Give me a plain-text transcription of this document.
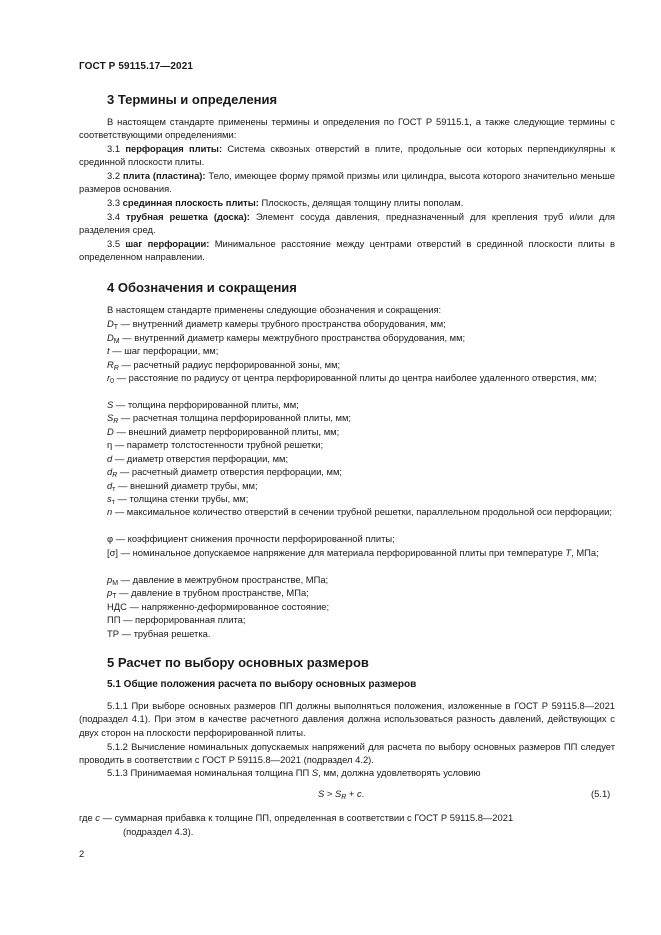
ГОСТ Р 59115.17—2021
3 Термины и определения
В настоящем стандарте применены термины и определения по ГОСТ Р 59115.1, а также следующие термины с соответствующими определениями:
3.1 перфорация плиты: Система сквозных отверстий в плите, продольные оси которых перпендикулярны к срединной плоскости плиты.
3.2 плита (пластина): Тело, имеющее форму прямой призмы или цилиндра, высота которого значительно меньше размеров основания.
3.3 срединная плоскость плиты: Плоскость, делящая толщину плиты пополам.
3.4 трубная решетка (доска): Элемент сосуда давления, предназначенный для крепления труб и/или для разделения сред.
3.5 шаг перфорации: Минимальное расстояние между центрами отверстий в срединной плоскости плиты в определенном направлении.
4 Обозначения и сокращения
В настоящем стандарте применены следующие обозначения и сокращения:
$D_Т$ — внутренний диаметр камеры трубного пространства оборудования, мм;
$D_М$ — внутренний диаметр камеры межтрубного пространства оборудования, мм;
t — шаг перфорации, мм;
$R_R$ — расчетный радиус перфорированной зоны, мм;
$r_0$ — расстояние по радиусу от центра перфорированной плиты до центра наиболее удаленного отверстия, мм;
S — толщина перфорированной плиты, мм;
$S_R$ — расчетная толщина перфорированной плиты, мм;
D — внешний диаметр перфорированной плиты, мм;
η — параметр толстостенности трубной решетки;
d — диаметр отверстия перфорации, мм;
$d_R$ — расчетный диаметр отверстия перфорации, мм;
$d_т$ — внешний диаметр трубы, мм;
$s_т$ — толщина стенки трубы, мм;
n — максимальное количество отверстий в сечении трубной решетки, параллельном продольной оси перфорации;
φ — коэффициент снижения прочности перфорированной плиты;
[σ] — номинальное допускаемое напряжение для материала перфорированной плиты при температуре T, МПа;
$p_М$ — давление в межтрубном пространстве, МПа;
$p_Т$ — давление в трубном пространстве, МПа;
НДС — напряженно-деформированное состояние;
ПП — перфорированная плита;
ТР — трубная решетка.
5 Расчет по выбору основных размеров
5.1 Общие положения расчета по выбору основных размеров
5.1.1 При выборе основных размеров ПП должны выполняться положения, изложенные в ГОСТ Р 59115.8—2021 (подраздел 4.1). При этом в качестве расчетного давления должна использоваться разность давлений, действующих с двух сторон на плоскости перфорированной плиты.
5.1.2 Вычисление номинальных допускаемых напряжений для расчета по выбору основных размеров ПП следует проводить в соответствии с ГОСТ Р 59115.8—2021 (подраздел 4.2).
5.1.3 Принимаемая номинальная толщина ПП S, мм, должна удовлетворять условию
$S > S_R + c$.	(5.1)
где c — суммарная прибавка к толщине ПП, определенная в соответствии с ГОСТ Р 59115.8—2021
(подраздел 4.3).
2
